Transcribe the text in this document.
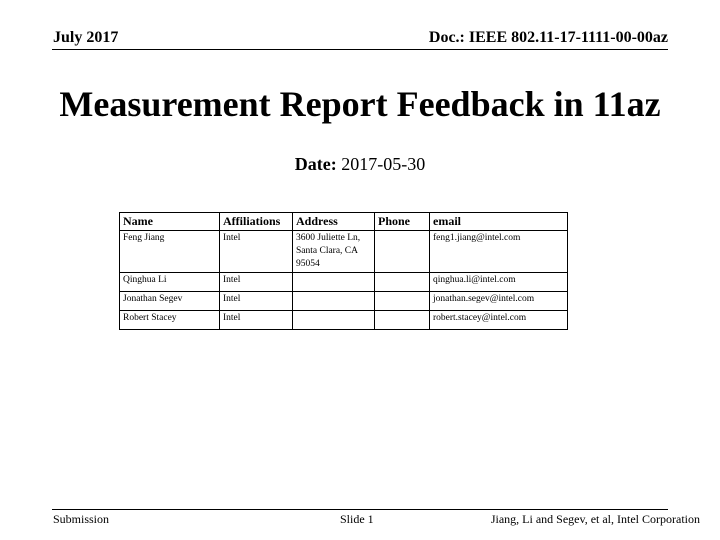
July 2017	Doc.: IEEE 802.11-17-1111-00-00az
Measurement Report Feedback in 11az
Date: 2017-05-30
Name	Affiliations	Address	Phone	email
Feng Jiang	Intel	3600 Juliette Ln, Santa Clara, CA 95054		feng1.jiang@intel.com
Qinghua Li	Intel			qinghua.li@intel.com
Jonathan Segev	Intel			jonathan.segev@intel.com
Robert Stacey	Intel			robert.stacey@intel.com
Submission	Slide 1	Jiang, Li and Segev, et al, Intel Corporation
